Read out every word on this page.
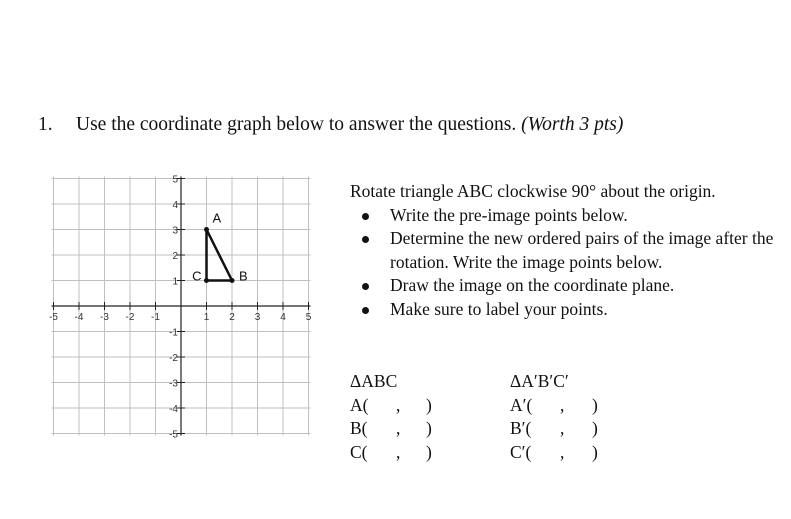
1. Use the coordinate graph below to answer the questions. (Worth 3 pts)
-5 -4 -3 -2 -1	1 2 3 4 5
5
4
3
2
1
-1
-2
-3
-4
-5
A
B
C
Rotate triangle ABC clockwise 90° about the origin.
Write the pre-image points below.
Determine the new ordered pairs of the image after the rotation. Write the image points below.
Draw the image on the coordinate plane.
Make sure to label your points.
ΔABC
A( , )
B( , )
C( , )
ΔA′B′C′
A′( , )
B′( , )
C′( , )
